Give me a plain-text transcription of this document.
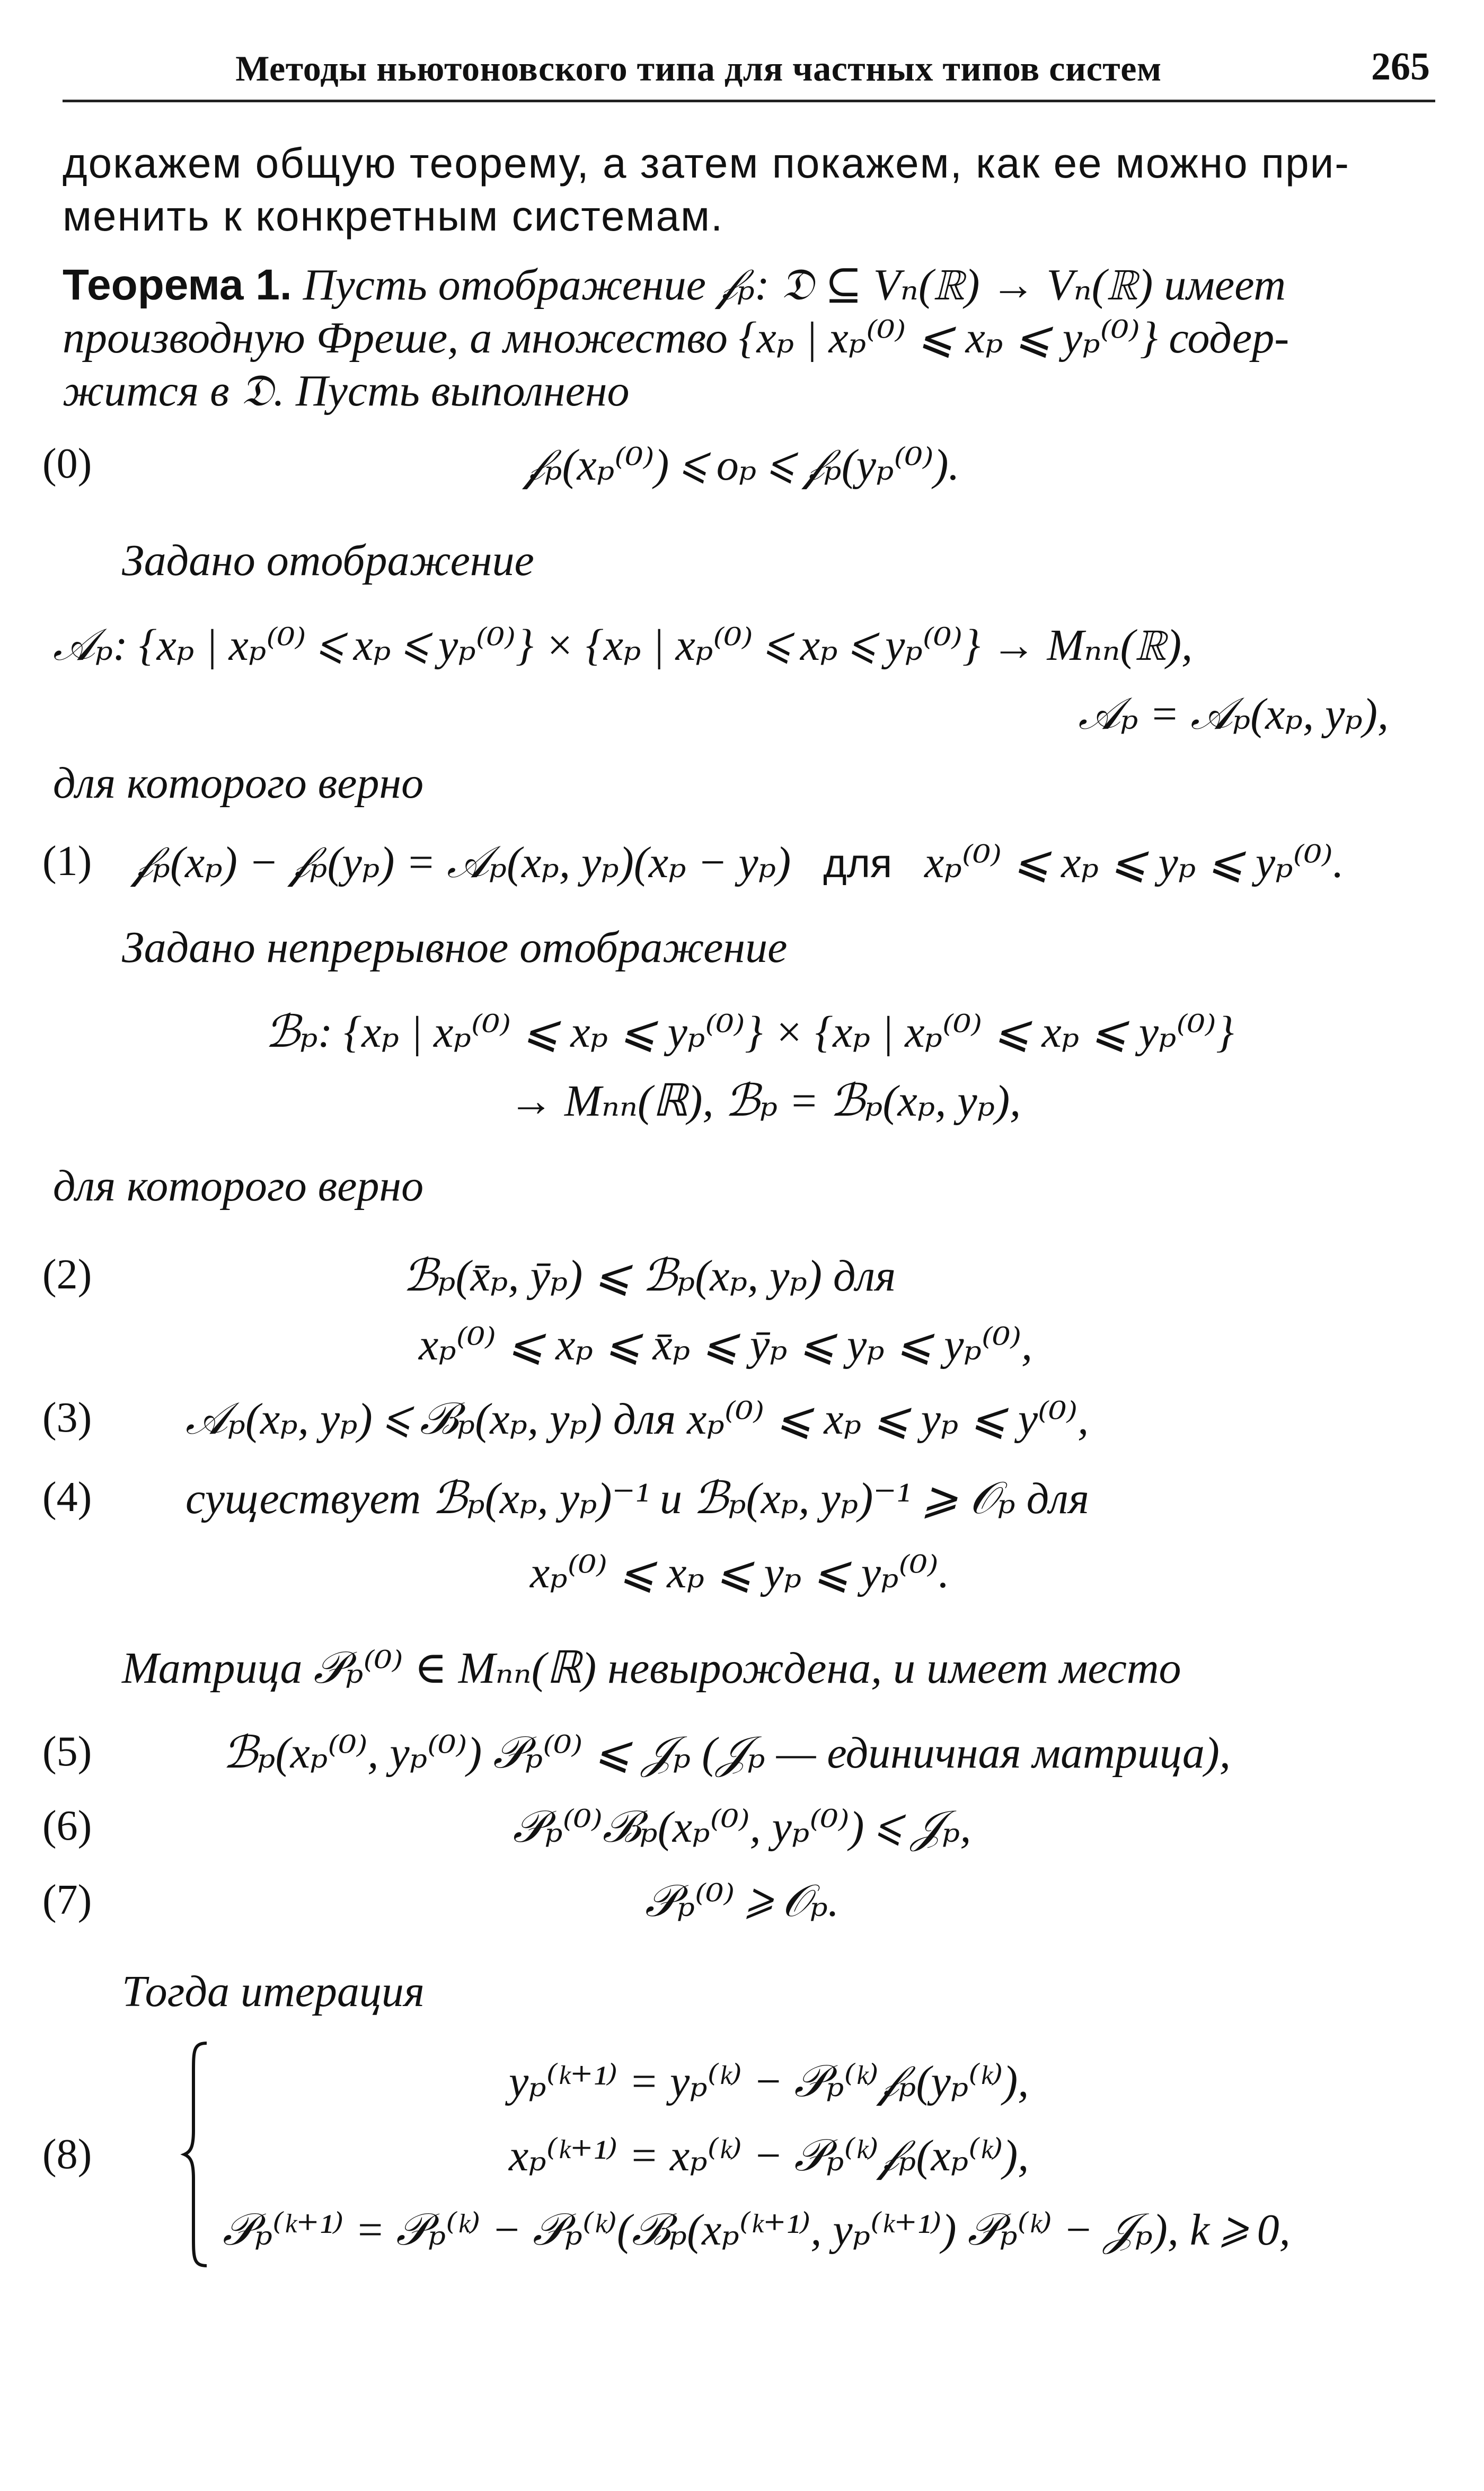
Методы ньютоновского типа для частных типов систем	265
докажем общую теорему, а затем покажем, как ее можно при-
менить к конкретным системам.
Теорема 1. Пусть отображение 𝒻ₚ: 𝔇 ⊆ Vₙ(ℝ) → Vₙ(ℝ) имеет
производную Фреше, а множество {xₚ | xₚ⁽⁰⁾ ⩽ xₚ ⩽ yₚ⁽⁰⁾} содер-
жится в 𝔇. Пусть выполнено
(0)	𝒻ₚ(xₚ⁽⁰⁾) ⩽ oₚ ⩽ 𝒻ₚ(yₚ⁽⁰⁾).
Задано отображение
𝒜ₚ: {xₚ | xₚ⁽⁰⁾ ⩽ xₚ ⩽ yₚ⁽⁰⁾} × {xₚ | xₚ⁽⁰⁾ ⩽ xₚ ⩽ yₚ⁽⁰⁾} → Mₙₙ(ℝ),
𝒜ₚ = 𝒜ₚ(xₚ, yₚ),
для которого верно
(1) 𝒻ₚ(xₚ) − 𝒻ₚ(yₚ) = 𝒜ₚ(xₚ, yₚ)(xₚ − yₚ) для xₚ⁽⁰⁾ ⩽ xₚ ⩽ yₚ ⩽ yₚ⁽⁰⁾.
Задано непрерывное отображение
ℬₚ: {xₚ | xₚ⁽⁰⁾ ⩽ xₚ ⩽ yₚ⁽⁰⁾} × {xₚ | xₚ⁽⁰⁾ ⩽ xₚ ⩽ yₚ⁽⁰⁾}
→ Mₙₙ(ℝ), ℬₚ = ℬₚ(xₚ, yₚ),
для которого верно
(2)	ℬₚ(x̄ₚ, ȳₚ) ⩽ ℬₚ(xₚ, yₚ) для
xₚ⁽⁰⁾ ⩽ xₚ ⩽ x̄ₚ ⩽ ȳₚ ⩽ yₚ ⩽ yₚ⁽⁰⁾,
(3) 𝒜ₚ(xₚ, yₚ) ⩽ ℬₚ(xₚ, yₚ) для xₚ⁽⁰⁾ ⩽ xₚ ⩽ yₚ ⩽ y⁽⁰⁾,
(4) существует ℬₚ(xₚ, yₚ)⁻¹ и ℬₚ(xₚ, yₚ)⁻¹ ⩾ 𝒪ₚ для
xₚ⁽⁰⁾ ⩽ xₚ ⩽ yₚ ⩽ yₚ⁽⁰⁾.
Матрица 𝒫ₚ⁽⁰⁾ ∈ Mₙₙ(ℝ) невырождена, и имеет место
(5)	ℬₚ(xₚ⁽⁰⁾, yₚ⁽⁰⁾) 𝒫ₚ⁽⁰⁾ ⩽ 𝒥ₚ (𝒥ₚ — единичная матрица),
(6)	𝒫ₚ⁽⁰⁾ℬₚ(xₚ⁽⁰⁾, yₚ⁽⁰⁾) ⩽ 𝒥ₚ,
(7)	𝒫ₚ⁽⁰⁾ ⩾ 𝒪ₚ.
Тогда итерация
(8)
yₚ⁽ᵏ⁺¹⁾ = yₚ⁽ᵏ⁾ − 𝒫ₚ⁽ᵏ⁾𝒻ₚ(yₚ⁽ᵏ⁾),
xₚ⁽ᵏ⁺¹⁾ = xₚ⁽ᵏ⁾ − 𝒫ₚ⁽ᵏ⁾𝒻ₚ(xₚ⁽ᵏ⁾),
𝒫ₚ⁽ᵏ⁺¹⁾ = 𝒫ₚ⁽ᵏ⁾ − 𝒫ₚ⁽ᵏ⁾(ℬₚ(xₚ⁽ᵏ⁺¹⁾, yₚ⁽ᵏ⁺¹⁾) 𝒫ₚ⁽ᵏ⁾ − 𝒥ₚ), k ⩾ 0,
